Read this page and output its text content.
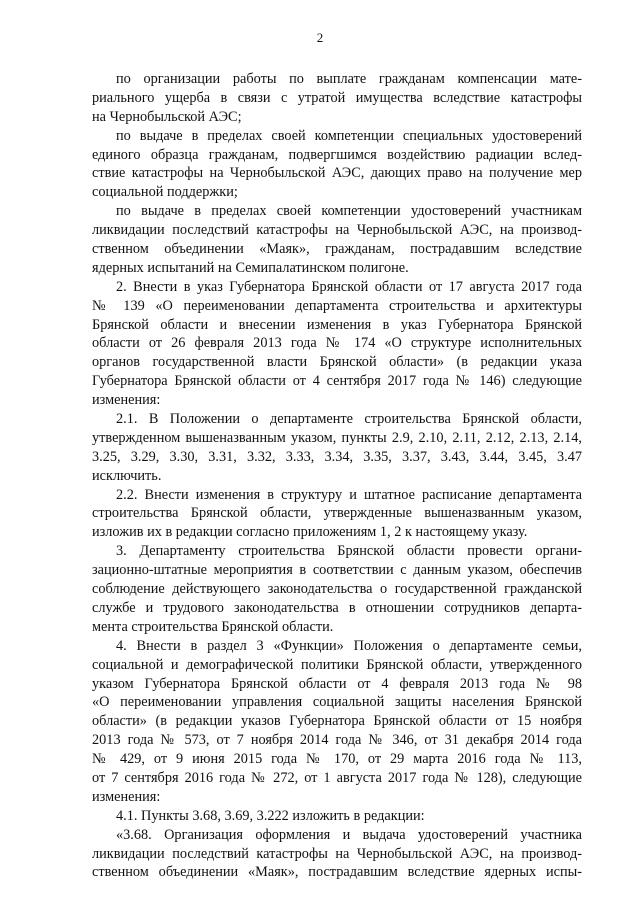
2
по организации работы по выплате гражданам компенсации мате-
риального ущерба в связи с утратой имущества вследствие катастрофы
на Чернобыльской АЭС;
по выдаче в пределах своей компетенции специальных удостоверений
единого образца гражданам, подвергшимся воздействию радиации вслед-
ствие катастрофы на Чернобыльской АЭС, дающих право на получение мер
социальной поддержки;
по выдаче в пределах своей компетенции удостоверений участникам
ликвидации последствий катастрофы на Чернобыльской АЭС, на производ-
ственном объединении «Маяк», гражданам, пострадавшим вследствие
ядерных испытаний на Семипалатинском полигоне.
2. Внести в указ Губернатора Брянской области от 17 августа 2017 года
№ 139 «О переименовании департамента строительства и архитектуры
Брянской области и внесении изменения в указ Губернатора Брянской
области от 26 февраля 2013 года № 174 «О структуре исполнительных
органов государственной власти Брянской области» (в редакции указа
Губернатора Брянской области от 4 сентября 2017 года № 146) следующие
изменения:
2.1. В Положении о департаменте строительства Брянской области,
утвержденном вышеназванным указом, пункты 2.9, 2.10, 2.11, 2.12, 2.13, 2.14,
3.25, 3.29, 3.30, 3.31, 3.32, 3.33, 3.34, 3.35, 3.37, 3.43, 3.44, 3.45, 3.47
исключить.
2.2. Внести изменения в структуру и штатное расписание департамента
строительства Брянской области, утвержденные вышеназванным указом,
изложив их в редакции согласно приложениям 1, 2 к настоящему указу.
3. Департаменту строительства Брянской области провести органи-
зационно-штатные мероприятия в соответствии с данным указом, обеспечив
соблюдение действующего законодательства о государственной гражданской
службе и трудового законодательства в отношении сотрудников департа-
мента строительства Брянской области.
4. Внести в раздел 3 «Функции» Положения о департаменте семьи,
социальной и демографической политики Брянской области, утвержденного
указом Губернатора Брянской области от 4 февраля 2013 года № 98
«О переименовании управления социальной защиты населения Брянской
области» (в редакции указов Губернатора Брянской области от 15 ноября
2013 года № 573, от 7 ноября 2014 года № 346, от 31 декабря 2014 года
№ 429, от 9 июня 2015 года № 170, от 29 марта 2016 года № 113,
от 7 сентября 2016 года № 272, от 1 августа 2017 года № 128), следующие
изменения:
4.1. Пункты 3.68, 3.69, 3.222 изложить в редакции:
«3.68. Организация оформления и выдача удостоверений участника
ликвидации последствий катастрофы на Чернобыльской АЭС, на производ-
ственном объединении «Маяк», пострадавшим вследствие ядерных испы-
